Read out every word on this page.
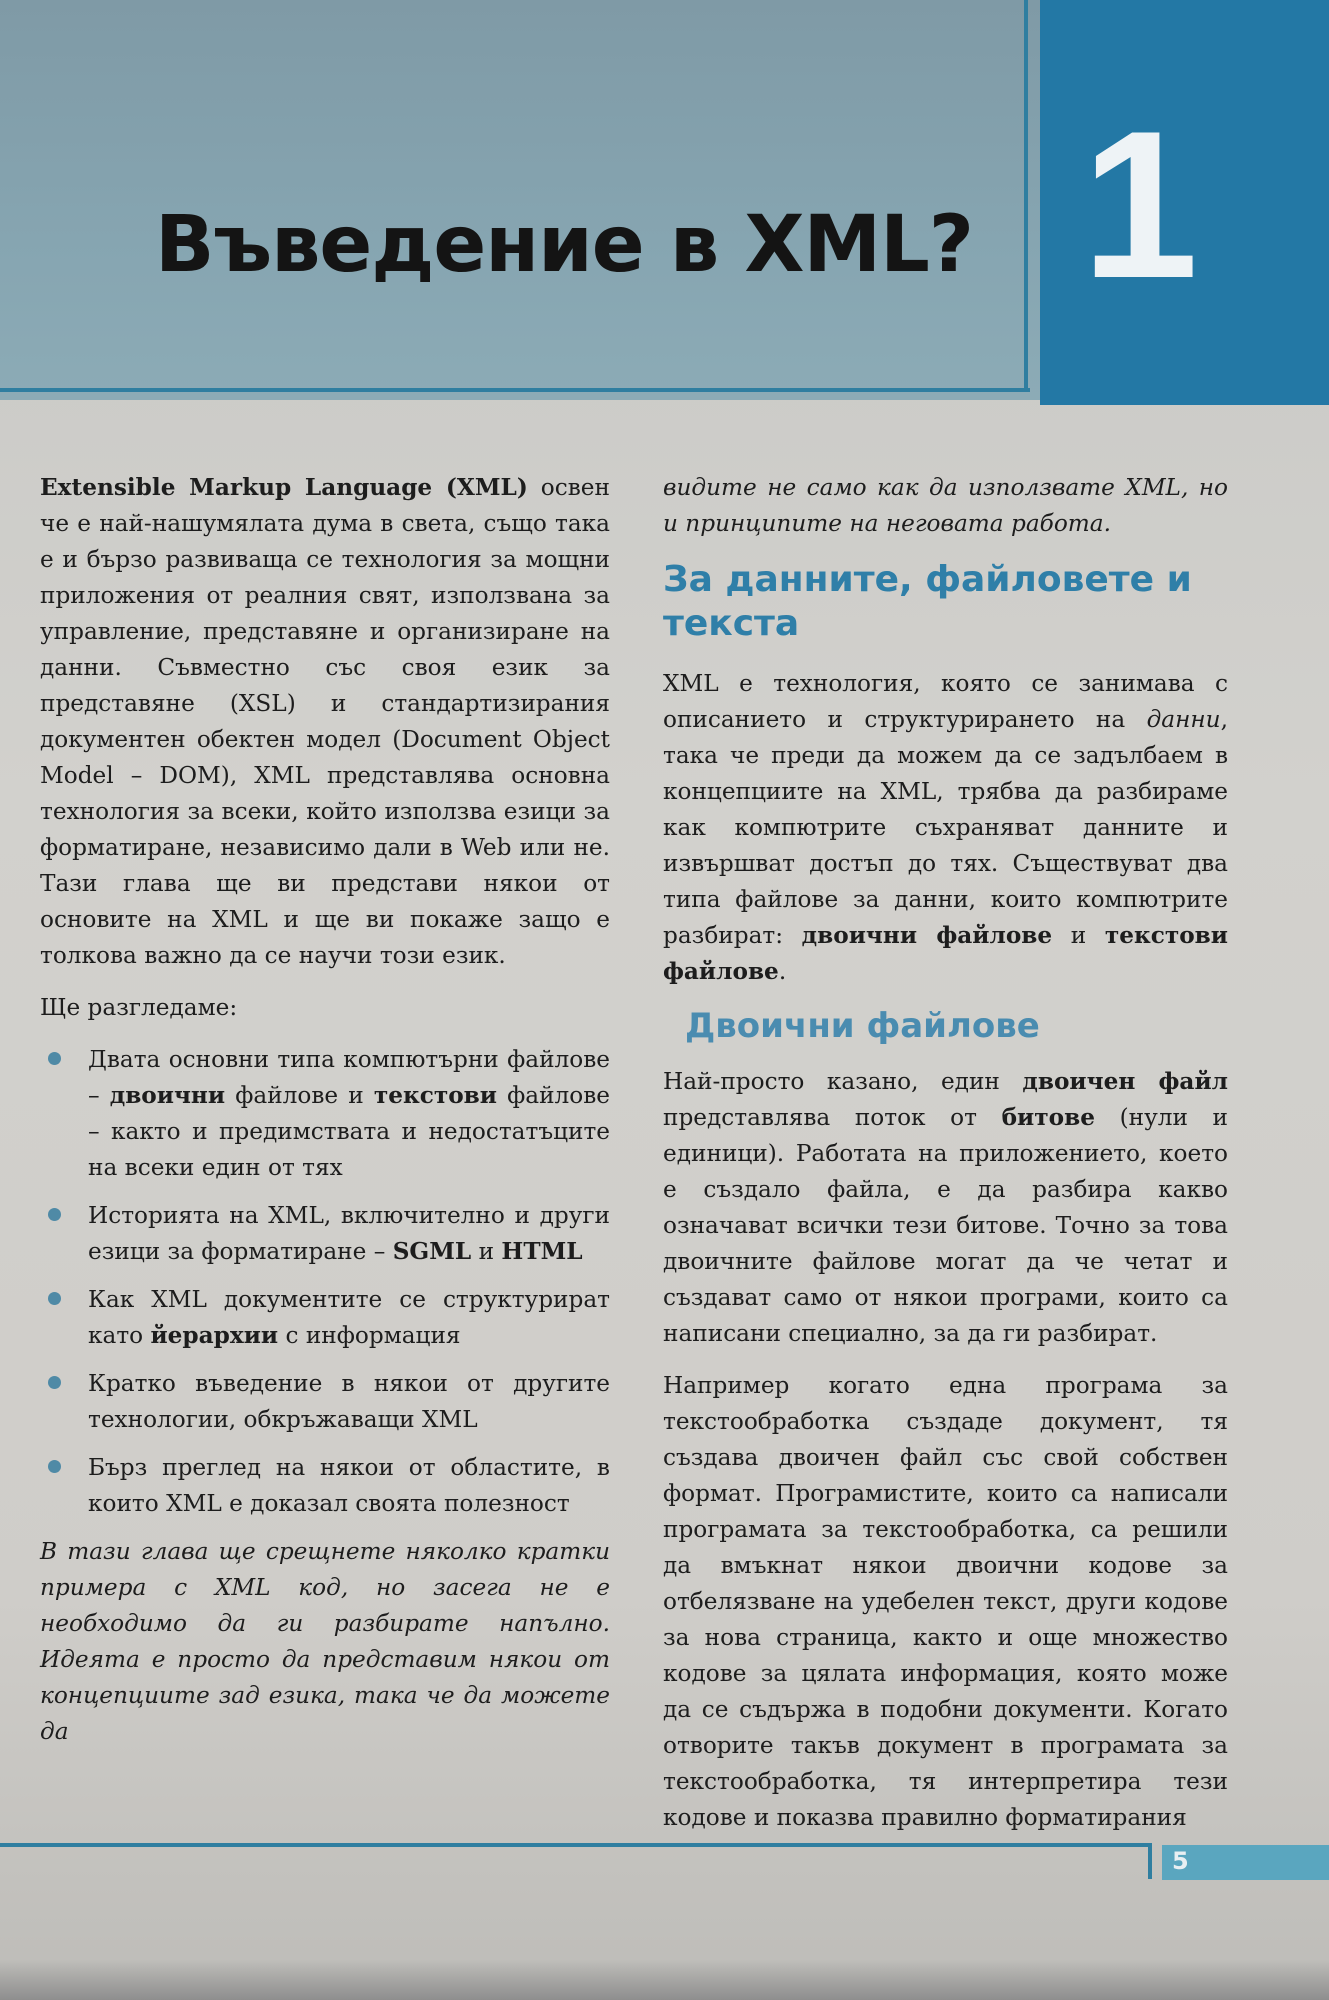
1
Въведение в XML?

Extensible Markup Language (XML) освен че е най-нашумялата дума в света, също така е и бързо развиваща се технология за мощни приложения от реалния свят, използвана за управление, представяне и организиране на данни. Съвместно със своя език за представяне (XSL) и стандартизирания документен обектен модел (Document Object Model – DOM), XML представлява основна технология за всеки, който използва езици за форматиране, независимо дали в Web или не. Тази глава ще ви представи някои от основите на XML и ще ви покаже защо е толкова важно да се научи този език.

Ще разгледаме:

Двата основни типа компютърни файлове – двоични файлове и текстови файлове – както и предимствата и недостатъците на всеки един от тях
Историята на XML, включително и други езици за форматиране – SGML и HTML
Как XML документите се структурират като йерархии с информация
Кратко въведение в някои от другите технологии, обкръжаващи XML
Бърз преглед на някои от областите, в които XML е доказал своята полезност

В тази глава ще срещнете няколко кратки примера с XML код, но засега не е необходимо да ги разбирате напълно. Идеята е просто да представим някои от концепциите зад езика, така че да можете да

видите не само как да използвате XML, но и принципите на неговата работа.

За данните, файловете и текста

XML е технология, която се занимава с описанието и структурирането на данни, така че преди да можем да се задълбаем в концепциите на XML, трябва да разбираме как компютрите съхраняват данните и извършват достъп до тях. Съществуват два типа файлове за данни, които компютрите разбират: двоични файлове и текстови файлове.

Двоични файлове

Най-просто казано, един двоичен файл представлява поток от битове (нули и единици). Работата на приложението, което е създало файла, е да разбира какво означават всички тези битове. Точно за това двоичните файлове могат да че четат и създават само от някои програми, които са написани специално, за да ги разбират.

Например когато една програма за текстообработка създаде документ, тя създава двоичен файл със свой собствен формат. Програмистите, които са написали програмата за текстообработка, са решили да вмъкнат някои двоични кодове за отбелязване на удебелен текст, други кодове за нова страница, както и още множество кодове за цялата информация, която може да се съдържа в подобни документи. Когато отворите такъв документ в програмата за текстообработка, тя интерпретира тези кодове и показва правилно форматирания

5
